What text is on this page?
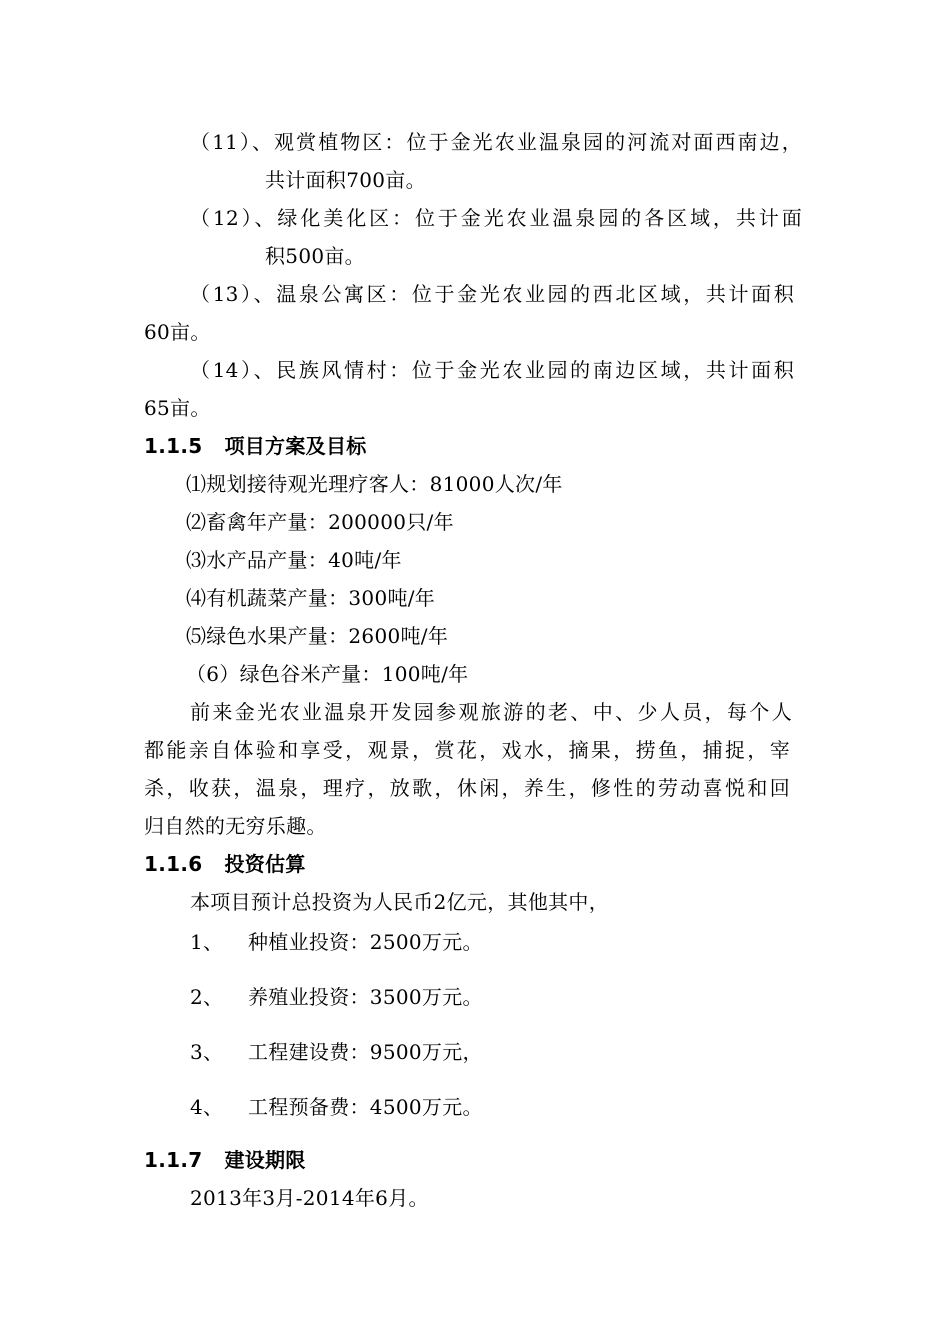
（11）、观赏植物区：位于金光农业温泉园的河流对面西南边，
共计面积700亩。
（12）、绿化美化区：位于金光农业温泉园的各区域，共计面
积500亩。
（13）、温泉公寓区：位于金光农业园的西北区域，共计面积
60亩。
（14）、民族风情村：位于金光农业园的南边区域，共计面积
65亩。
1.1.5 项目方案及目标
⑴规划接待观光理疗客人：81000人次/年
⑵畜禽年产量：200000只/年
⑶水产品产量：40吨/年
⑷有机蔬菜产量：300吨/年
⑸绿色水果产量：2600吨/年
（6）绿色谷米产量：100吨/年
前来金光农业温泉开发园参观旅游的老、中、少人员，每个人
都能亲自体验和享受，观景，赏花，戏水，摘果，捞鱼，捕捉，宰
杀，收获，温泉，理疗，放歌，休闲，养生，修性的劳动喜悦和回
归自然的无穷乐趣。
1.1.6 投资估算
本项目预计总投资为人民币2亿元，其他其中，
1、 种植业投资：2500万元。
2、 养殖业投资：3500万元。
3、 工程建设费：9500万元，
4、 工程预备费：4500万元。
1.1.7 建设期限
2013年3月-2014年6月。
